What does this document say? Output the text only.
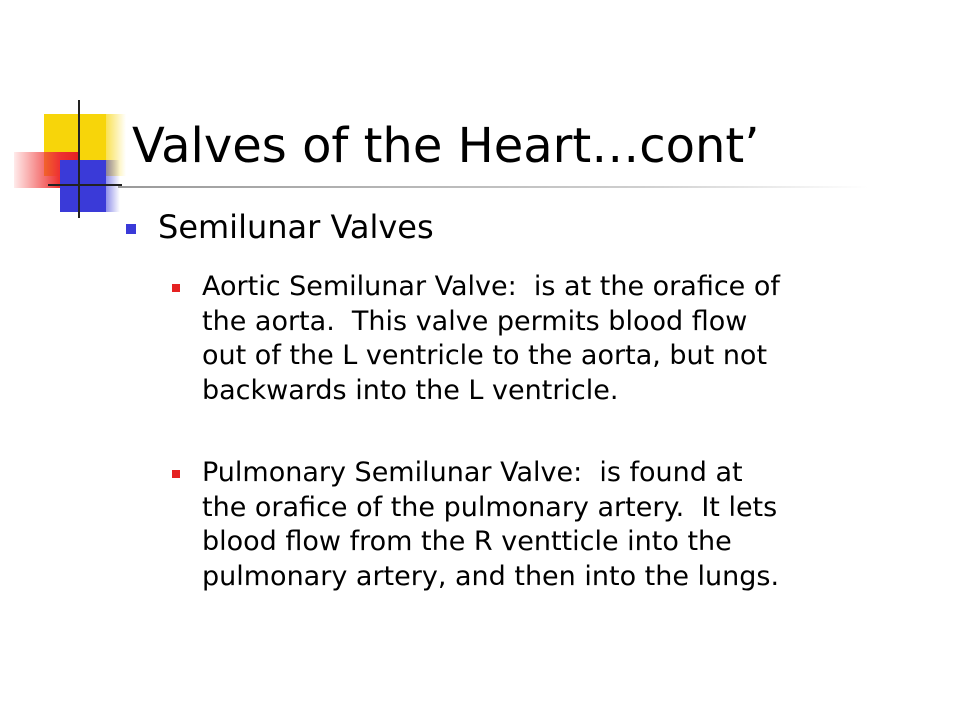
Valves of the Heart…cont’
Semilunar Valves
Aortic Semilunar Valve:  is at the orafice of
the aorta.  This valve permits blood flow
out of the L ventricle to the aorta, but not
backwards into the L ventricle.
Pulmonary Semilunar Valve:  is found at
the orafice of the pulmonary artery.  It lets
blood flow from the R ventticle into the
pulmonary artery, and then into the lungs.
